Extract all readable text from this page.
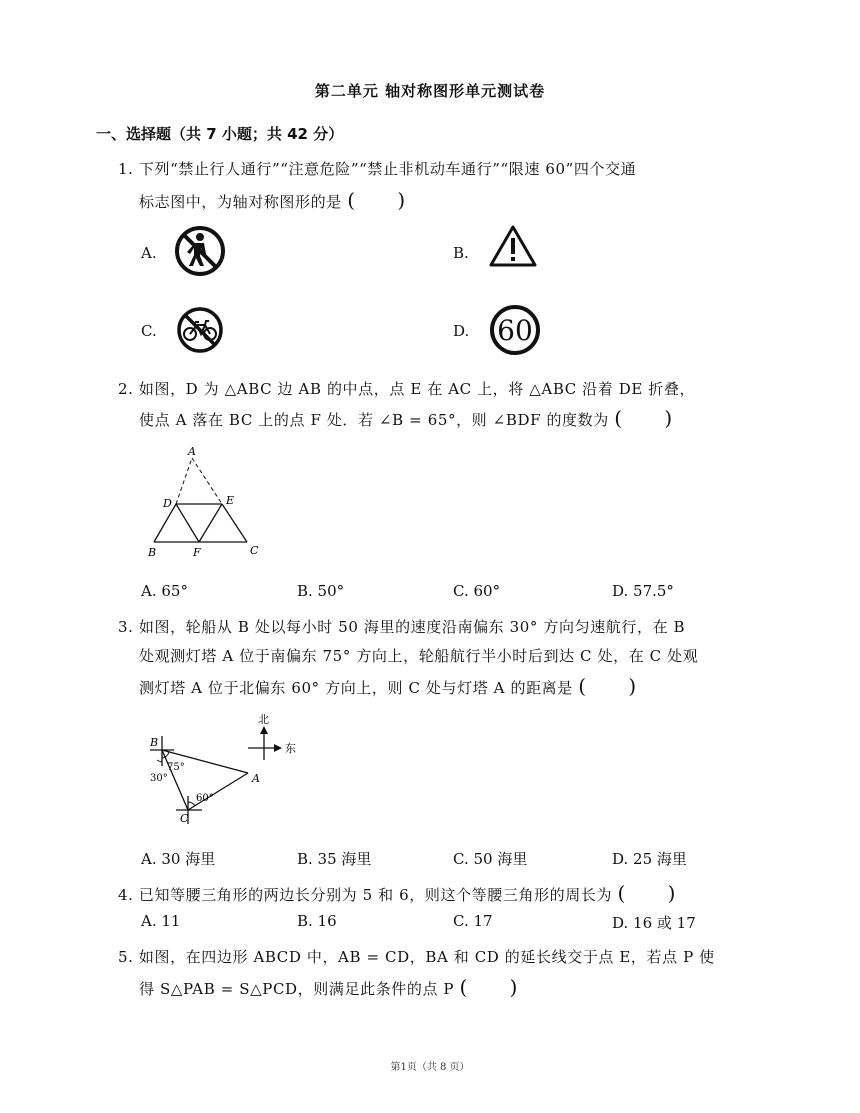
第二单元 轴对称图形单元测试卷
一、选择题（共 7 小题；共 42 分）
1. 下列“禁止行人通行”“注意危险”“禁止非机动车通行”“限速 60”四个交通
标志图中，为轴对称图形的是 ( )
A.	B.
C.	D. 60
2. 如图，D 为 △ABC 边 AB 的中点，点 E 在 AC 上，将 △ABC 沿着 DE 折叠，
使点 A 落在 BC 上的点 F 处．若 ∠B = 65°，则 ∠BDF 的度数为 ( )
A
D	E
B	F	C
A. 65°	B. 50°	C. 60°	D. 57.5°
3. 如图，轮船从 B 处以每小时 50 海里的速度沿南偏东 30° 方向匀速航行，在 B
处观测灯塔 A 位于南偏东 75° 方向上，轮船航行半小时后到达 C 处，在 C 处观
测灯塔 A 位于北偏东 60° 方向上，则 C 处与灯塔 A 的距离是 ( )
北
东
B
A
C
75°
30°
60°
A. 30 海里	B. 35 海里	C. 50 海里	D. 25 海里
4. 已知等腰三角形的两边长分别为 5 和 6，则这个等腰三角形的周长为 ( )
A. 11	B. 16	C. 17	D. 16 或 17
5. 如图，在四边形 ABCD 中，AB = CD，BA 和 CD 的延长线交于点 E，若点 P 使
得 S△PAB = S△PCD，则满足此条件的点 P ( )
第1页（共 8 页）
